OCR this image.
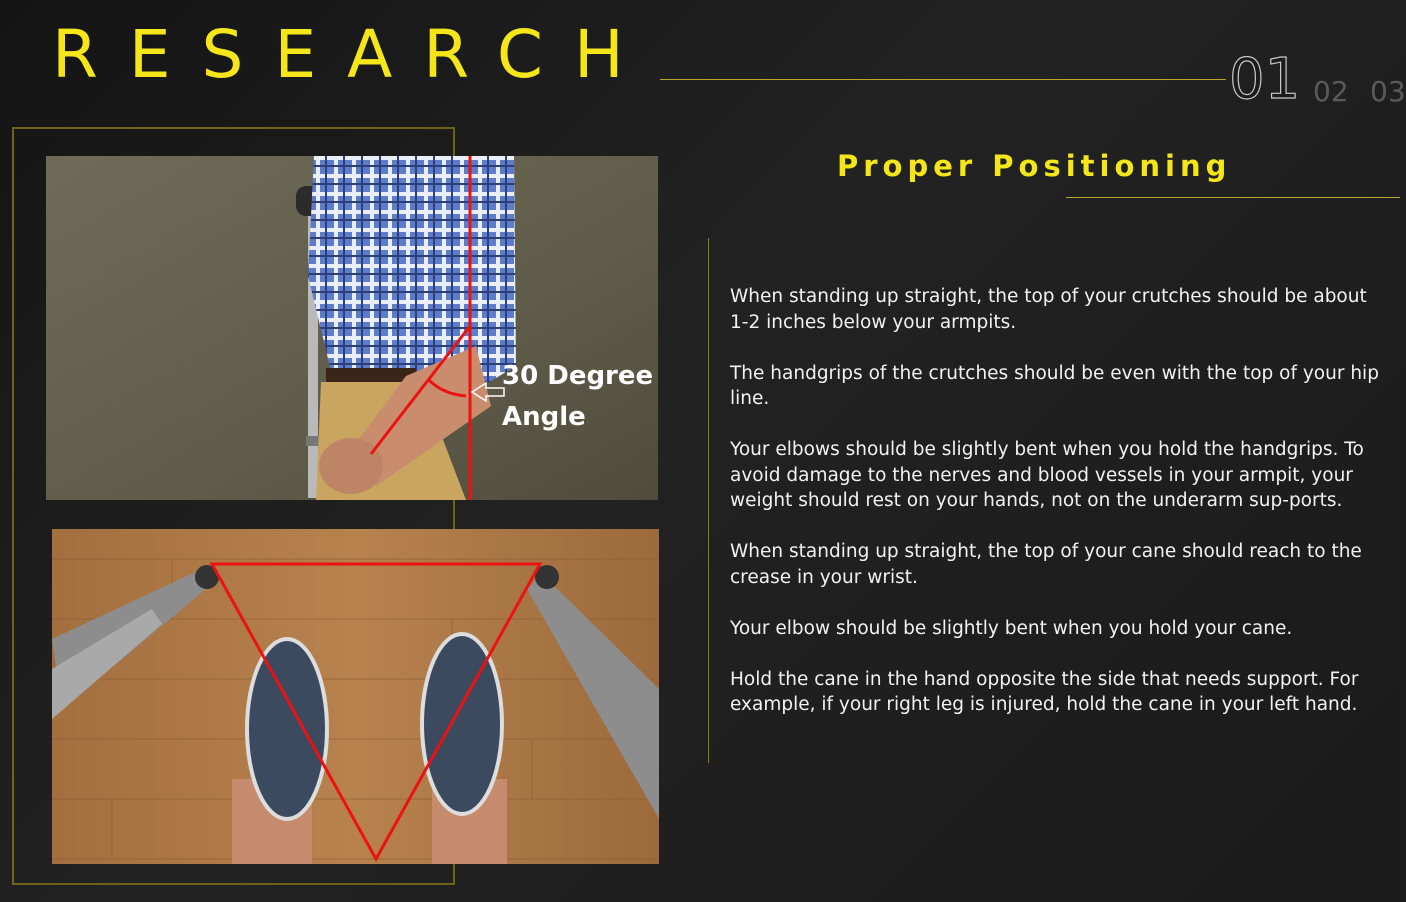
RESEARCH	01 02 03
30 Degree
Angle
Proper Positioning

When standing up straight, the top of your crutches should be about 1-2 inches below your armpits.

The handgrips of the crutches should be even with the top of your hip line.

Your elbows should be slightly bent when you hold the handgrips. To avoid damage to the nerves and blood vessels in your armpit, your weight should rest on your hands, not on the underarm sup-ports.

When standing up straight, the top of your cane should reach to the crease in your wrist.

Your elbow should be slightly bent when you hold your cane.

Hold the cane in the hand opposite the side that needs support. For example, if your right leg is injured, hold the cane in your left hand.
